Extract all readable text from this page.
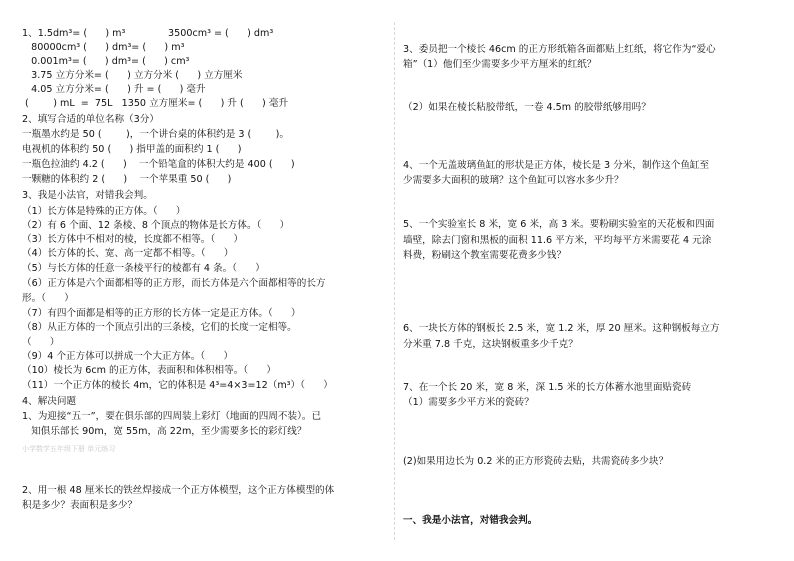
1、1.5dm³= (      ) m³              3500cm³ = (      ) dm³
80000cm³ (      ) dm³= (      ) m³
0.001m³= (      ) dm³= (      ) cm³
3.75 立方分米= (      ) 立方分米 (      ) 立方厘米
4.05 立方分米= (      ) 升 = (      ) 毫升
(        ) mL  =  75L   1350 立方厘米= (      ) 升 (      ) 毫升
2、填写合适的单位名称（3分）
一瓶墨水约是 50 (        )，一个讲台桌的体积约是 3 (        )。
电视机的体积约 50 (      ) 指甲盖的面积约 1 (      )
一瓶色拉油约 4.2 (      )    一个铅笔盒的体积大约是 400 (      )
一颗糖的体积约 2 (      )    一个苹果重 50 (      )
3、我是小法官，对错我会判。
（1）长方体是特殊的正方体。（      ）
（2）有 6 个面、12 条棱、8 个顶点的物体是长方体。（      ）
（3）长方体中不相对的棱，长度都不相等。（      ）
（4）长方体的长、宽、高一定都不相等。（      ）
（5）与长方体的任意一条棱平行的棱都有 4 条。（      ）
（6）正方体是六个面都相等的正方形，而长方体是六个面都相等的长方
形。（      ）
（7）有四个面都是相等的正方形的长方体一定是正方体。（      ）
（8）从正方体的一个顶点引出的三条棱，它们的长度一定相等。
（      ）
（9）4 个正方体可以拼成一个大正方体。（      ）
（10）棱长为 6cm 的正方体，表面积和体积相等。（      ）
（11）一个正方体的棱长 4m，它的体积是 4³=4×3=12（m³）（      ）
4、解决问题
1、为迎接“五一”，要在俱乐部的四周装上彩灯（地面的四周不装）。已
知俱乐部长 90m，宽 55m，高 22m，至少需要多长的彩灯线？
小学数学五年级下册 单元练习
2、用一根 48 厘米长的铁丝焊接成一个正方体模型，这个正方体模型的体
积是多少？表面积是多少？
3、委员把一个棱长 46cm 的正方形纸箱各面都贴上红纸，将它作为“爱心
箱”（1）他们至少需要多少平方厘米的红纸？
（2）如果在棱长粘胶带纸，一卷 4.5m 的胶带纸够用吗？
4、一个无盖玻璃鱼缸的形状是正方体，棱长是 3 分米，制作这个鱼缸至
少需要多大面积的玻璃？这个鱼缸可以容水多少升？
5、一个实验室长 8 米，宽 6 米，高 3 米。要粉刷实验室的天花板和四面
墙壁，除去门窗和黑板的面积 11.6 平方米，平均每平方米需要花 4 元涂
料费，粉刷这个教室需要花费多少钱？
6、一块长方体的钢板长 2.5 米，宽 1.2 米，厚 20 厘米。这种钢板每立方
分米重 7.8 千克，这块钢板重多少千克？
7、在一个长 20 米，宽 8 米，深 1.5 米的长方体蓄水池里面贴瓷砖
（1）需要多少平方米的瓷砖？
(2)如果用边长为 0.2 米的正方形瓷砖去贴，共需瓷砖多少块？
一、我是小法官，对错我会判。
